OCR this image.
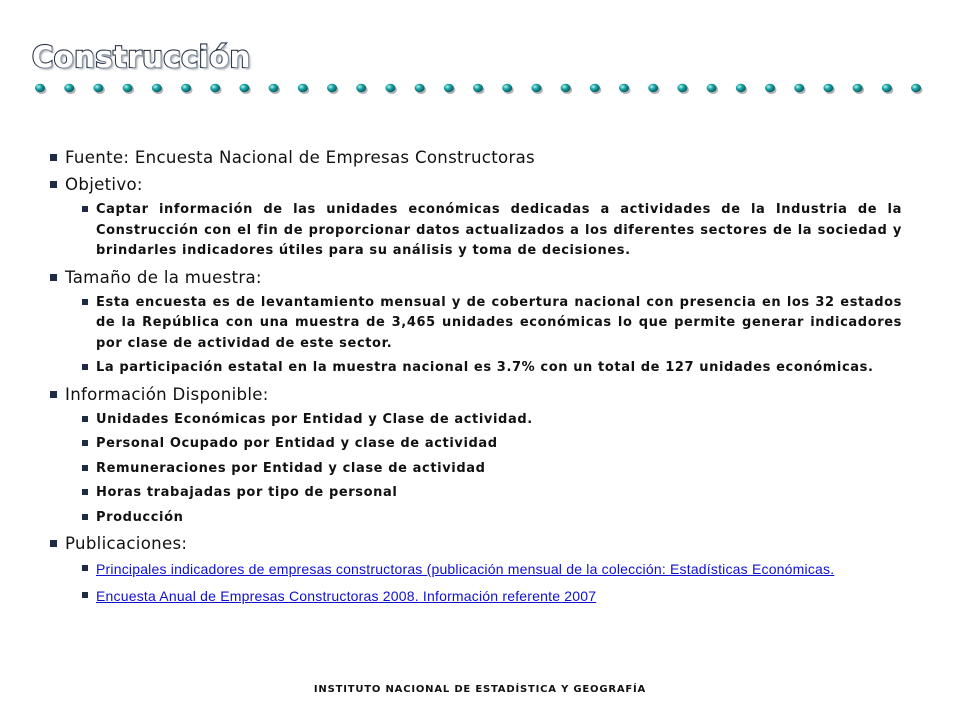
Construcción
Fuente: Encuesta Nacional de Empresas Constructoras
Objetivo:
Captar información de las unidades económicas dedicadas a actividades de la Industria de la Construcción con el fin de proporcionar datos actualizados a los diferentes sectores de la sociedad y brindarles indicadores útiles para su análisis y toma de decisiones.
Tamaño de la muestra:
Esta encuesta es de levantamiento mensual y de cobertura nacional con presencia en los 32 estados de la República con una muestra de 3,465 unidades económicas lo que permite generar indicadores por clase de actividad de este sector.
La participación estatal en la muestra nacional es 3.7% con un total de 127 unidades económicas.
Información Disponible:
Unidades Económicas por Entidad y Clase de actividad.
Personal Ocupado por Entidad y clase de actividad
Remuneraciones por Entidad y clase de actividad
Horas trabajadas por tipo de personal
Producción
Publicaciones:
Principales indicadores de empresas constructoras (publicación mensual de la colección: Estadísticas Económicas.
Encuesta Anual de Empresas Constructoras 2008. Información referente 2007
INSTITUTO NACIONAL DE ESTADÍSTICA Y GEOGRAFÍA
